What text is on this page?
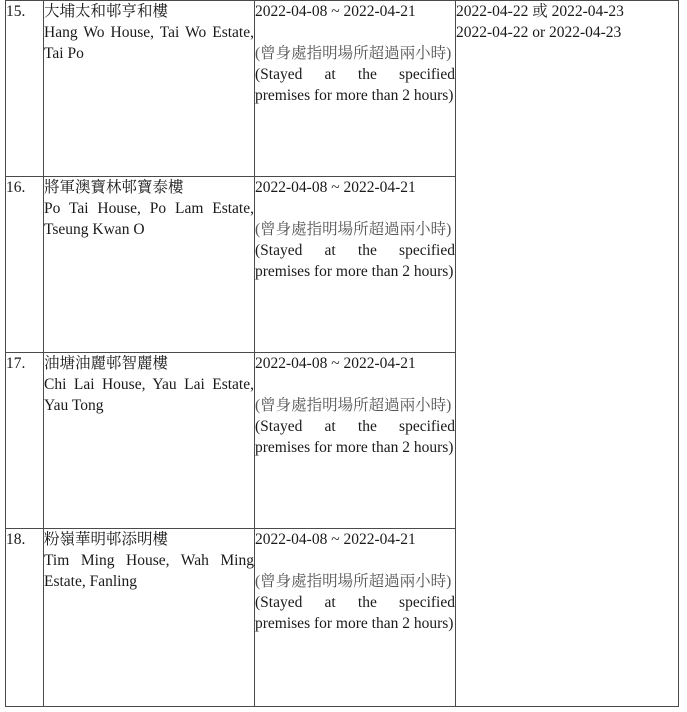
15.	大埔太和邨亨和樓
Hang Wo House, Tai Wo Estate, Tai Po	2022-04-08 ~ 2022-04-21
(曾身處指明場所超過兩小時)
(Stayed at the specified premises for more than 2 hours)	2022-04-22 或 2022-04-23
2022-04-22 or 2022-04-23

16.	將軍澳寶林邨寶泰樓
Po Tai House, Po Lam Estate, Tseung Kwan O	2022-04-08 ~ 2022-04-21
(曾身處指明場所超過兩小時)
(Stayed at the specified premises for more than 2 hours)	

17.	油塘油麗邨智麗樓
Chi Lai House, Yau Lai Estate, Yau Tong	2022-04-08 ~ 2022-04-21
(曾身處指明場所超過兩小時)
(Stayed at the specified premises for more than 2 hours)	

18.	粉嶺華明邨添明樓
Tim Ming House, Wah Ming Estate, Fanling	2022-04-08 ~ 2022-04-21
(曾身處指明場所超過兩小時)
(Stayed at the specified premises for more than 2 hours)	
